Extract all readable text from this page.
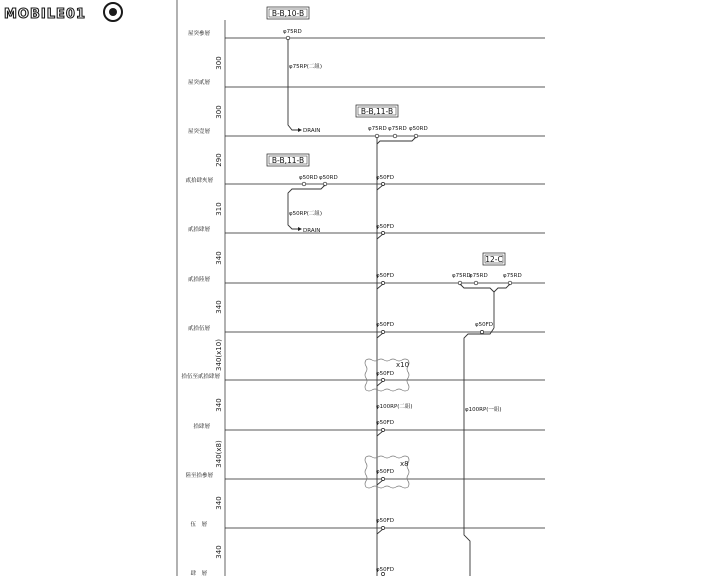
MOBILE01
屋突參層
屋突貳層
屋突壹層
貳拾肆夾層
貳拾肆層
貳拾陸層
貳拾伍層
拾伍至貳拾肆層
拾肆層
陸至拾參層
伍　層
肆　層
300
300
290
310
340
340
340(x10)
340
340(x8)
340
340
B-B,10-B
B-B,11-B
B-B,11-B
12-C
φ75RD
φ75RP(二組)
DRAIN	φ75RD φ75RD φ50RD
φ50RD φ50RD
φ50RP(二組)
DRAIN
φ100RP(二組)
φ50FD
φ50FD
φ50FD
φ50FD
φ50FD
φ50FD
φ50FD
φ50FD
φ50FD
x10
x8
φ75RD
φ75RD	φ75RD
φ50FD
φ100RP(一組)
